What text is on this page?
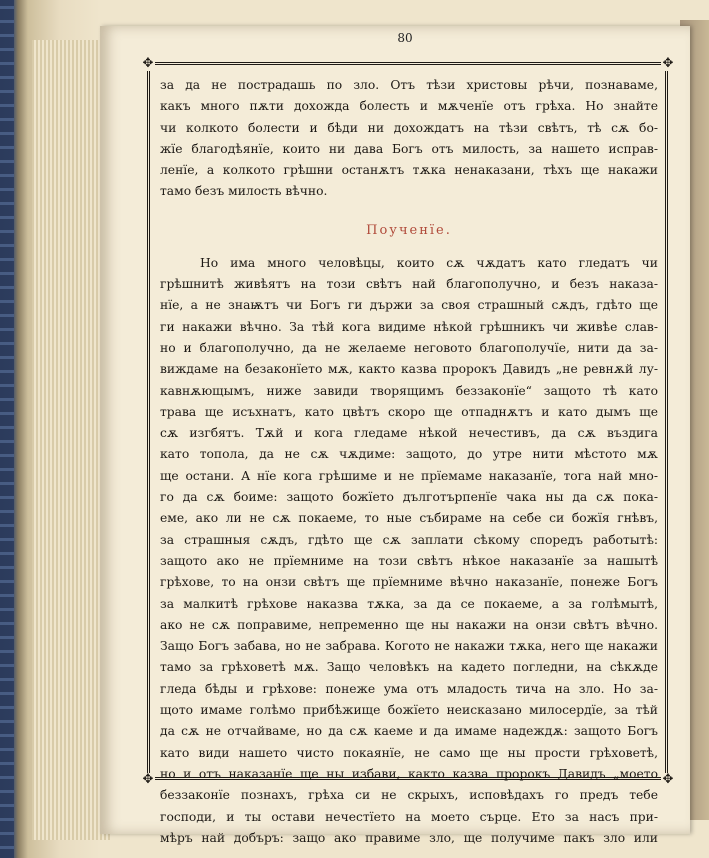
80
✥	✥
✥	✥
за да не пострадашь по зло. Отъ тѣзи христовы рѣчи, познаваме,
какъ много пѫти дохожда болесть и мѫченїе отъ грѣха. Но знайте
чи колкото болести и бѣди ни дохождатъ на тѣзи свѣтъ, тѣ сѫ бо-
жїе благодѣянїе, които ни дава Богъ отъ милость, за нашето исправ-
ленїе, а колкото грѣшни останѫтъ тѫка ненаказани, тѣхъ ще накажи
тамо безъ милость вѣчно.
Поученїе.
Но има много человѣцы, които сѫ чѫдатъ като гледатъ чи
грѣшнитѣ живѣятъ на този свѣтъ най благополучно, и безъ наказа-
нїе, а не знаѭтъ чи Богъ ги държи за своя страшный сѫдъ, гдѣто ще
ги накажи вѣчно. За тѣй кога видиме нѣкой грѣшникъ чи живѣе слав-
но и благополучно, да не желаеме неговото благополучїе, нити да за-
виждаме на безаконїето мѫ, както казва пророкъ Давидъ „не ревнѫй лу-
кавнѫющымъ, ниже завиди творящимъ беззаконїе“ защото тѣ като
трава ще исъхнатъ, като цвѣтъ скоро ще отпаднѫтъ и като дымъ ще
сѫ изгбятъ. Тѫй и кога гледаме нѣкой нечестивъ, да сѫ въздига
като топола, да не сѫ чѫдиме: защото, до утре нити мѣстото мѫ
ще остани. А нїе кога грѣшиме и не прїемаме наказанїе, тога най мно-
го да сѫ боиме: защото божїето дълготърпенїе чака ны да сѫ пока-
еме, ако ли не сѫ покаеме, то ные събираме на себе си божїя гнѣвъ,
за страшныя сѫдъ, гдѣто ще сѫ заплати сѣкому споредъ работытѣ:
защото ако не прїемниме на този свѣтъ нѣкое наказанїе за нашытѣ
грѣхове, то на онзи свѣтъ ще прїемниме вѣчно наказанїе, понеже Богъ
за малкитѣ грѣхове наказва тѫка, за да се покаеме, а за голѣмытѣ,
ако не сѫ поправиме, непременно ще ны накажи на онзи свѣтъ вѣчно.
Защо Богъ забава, но не забрава. Когото не накажи тѫка, него ще накажи
тамо за грѣховетѣ мѫ. Защо человѣкъ на кадето погледни, на сѣкѫде
гледа бѣды и грѣхове: понеже ума отъ младость тича на зло. Но за-
щото имаме голѣмо прибѣжище божїето неисказано милосердїе, за тѣй
да сѫ не отчайваме, но да сѫ каеме и да имаме надеждѫ: защото Богъ
като види нашето чисто покаянїе, не само ще ны прости грѣховетѣ,
но и отъ наказанїе ще ны избави, както казва пророкъ Давидъ „моето
беззаконїе познахъ, грѣха си не скрыхъ, исповѣдахъ го предъ тебе
господи, и ты остави нечестїето на моето сърце. Ето за насъ при-
мѣръ най добъръ: защо ако правиме зло, ще получиме пакъ зло или
